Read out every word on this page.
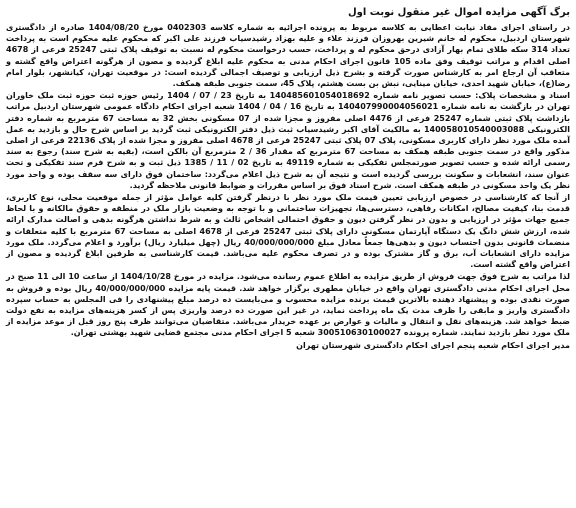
برگ آگهی مزایده اموال غیر منقول نوبت اول

در راستای اجرای مفاد نیابت اعطایی به کلاسه مربوط به پرونده اجرائیه به شماره کلاسه 0402303 مورخ 1404/08/20 صادره از دادگستری شهرستان اردبیل، محکوم له خانم شیرین بهروزان فرزند علاء و علیه بهزاد رشیدسیاب فرزند علی اکبر که محکوم علیه محکوم است به پرداخت تعداد 314 سکه طلای تمام بهار آزادی درحق محکوم له و پرداخت، حسب درخواست محکوم له نسبت به توقیف پلاک ثبتی 25247 فرعی از 4678 اصلی اقدام و مراتب توقیف وفق ماده 105 قانون اجرای احکام مدنی به محکوم علیه ابلاغ گردیده و مصون از هرگونه اعتراض واقع گشته و متعاقب آن ارجاع امر به کارشناس صورت گرفته و بشرح ذیل ارزیابی و توصیف اجمالی گردیده است: در موقعیت تهران، کیانشهر، بلوار امام رضا(ع)، خیابان شهید احدی، خیابان مینایی، نبش بن بست هشتم، پلاک 45، سمت جنوبی طبقه همکف.

اسناد و مشخصات پلاک: حسب تصویر نامه شماره 140485601054018692 به تاریخ 23 / 07 / 1404 رئیس حوزه ثبت حوزه ثبت ملک خاوران تهران در بازگشت به نامه شماره 140407990004056021 به تاریخ 16 / 04 / 1404 شعبه اجرای احکام دادگاه عمومی شهرستان اردبیل مراتب بازداشت پلاک ثبتی شماره 25247 فرعی از 4476 اصلی مفروز و مجزا شده از 07 مسکونی بخش 32 به مساحت 67 مترمربع به شماره دفتر الکترونیکی 140058010540003088 به مالکیت آقای اکبر رشیدسیاب ثبت ذیل دفتر الکترونیکی ثبت گردید بر اساس شرح حال و بازدید به عمل آمده ملک مورد نظر دارای کاربری مسکونی، پلاک 07 پلاک ثبتی 25247 فرعی از 4678 اصلی مفروز و مجزا شده از پلاک 22136 فرعی از اصلی مذکور واقع در سمت جنوبی طبقه همکف به مساحت 67 مترمربع که مقدار 36 / 2 مترمربع آن بالکن است، (بقیه به شرح سند) رجوع به سند رسمی ارائه شده و حسب تصویر صورتمجلس تفکیکی به شماره 49119 به تاریخ 02 / 11 / 1385 ذیل ثبت و به شرح فرم سند تفکیکی و تحت عنوان سند، انشعابات و سکونت بررسی گردیده است و نتیجه آن به شرح ذیل اعلام می‌گردد: ساختمان فوق دارای سه سقف بوده و واحد مورد نظر یک واحد مسکونی در طبقه همکف است. شرح اسناد فوق بر اساس مقررات و ضوابط قانونی ملاحظه گردید.

از آنجا که کارشناسی در خصوص ارزیابی تعیین قیمت ملک مورد نظر با درنظر گرفتن کلیه عوامل مؤثر از جمله موقعیت محلی، نوع کاربری، قدمت بنا، کیفیت مصالح، امکانات رفاهی، دسترسی‌ها، تجهیزات ساختمانی و با توجه به وضعیت بازار ملک در منطقه و حقوق مالکانه و با لحاظ جمیع جهات مؤثر در ارزیابی و بدون در نظر گرفتن دیون و حقوق احتمالی اشخاص ثالث و به شرط نداشتن هرگونه بدهی و اصالت مدارک ارائه شده، ارزش شش دانگ یک دستگاه آپارتمان مسکونی دارای پلاک ثبتی 25247 فرعی از 4678 اصلی به مساحت 67 مترمربع با کلیه متعلقات و منضمات قانونی بدون احتساب دیون و بدهی‌ها جمعاً معادل مبلغ 40/000/000/000 ریال (چهل میلیارد ریال) برآورد و اعلام می‌گردد. ملک مورد مزایده دارای انشعابات آب، برق و گاز مشترک بوده و در تصرف محکوم علیه می‌باشد. قیمت کارشناسی به طرفین ابلاغ گردیده و مصون از اعتراض واقع گشته است.

لذا مراتب به شرح فوق جهت فروش از طریق مزایده به اطلاع عموم رسانده می‌شود. مزایده در مورخ 1404/10/28 از ساعت 10 الی 11 صبح در محل اجرای احکام مدنی دادگستری تهران واقع در خیابان مطهری برگزار خواهد شد. قیمت پایه مزایده 40/000/000/000 ریال بوده و فروش به صورت نقدی بوده و پیشنهاد دهنده بالاترین قیمت برنده مزایده محسوب و می‌بایست ده درصد مبلغ پیشنهادی را فی المجلس به حساب سپرده دادگستری واریز و مابقی را ظرف مدت یک ماه پرداخت نماید، در غیر این صورت ده درصد واریزی پس از کسر هزینه‌های مزایده به نفع دولت ضبط خواهد شد. هزینه‌های نقل و انتقال و مالیات و عوارض بر عهده خریدار می‌باشد. متقاضیان می‌توانند ظرف پنج روز قبل از موعد مزایده از ملک مورد نظر بازدید نمایند. شماره پرونده 300510630100027 شعبه 5 اجرای احکام مدنی مجتمع قضایی شهید بهشتی تهران.

مدیر اجرای احکام شعبه پنجم اجرای احکام دادگستری شهرستان تهران
